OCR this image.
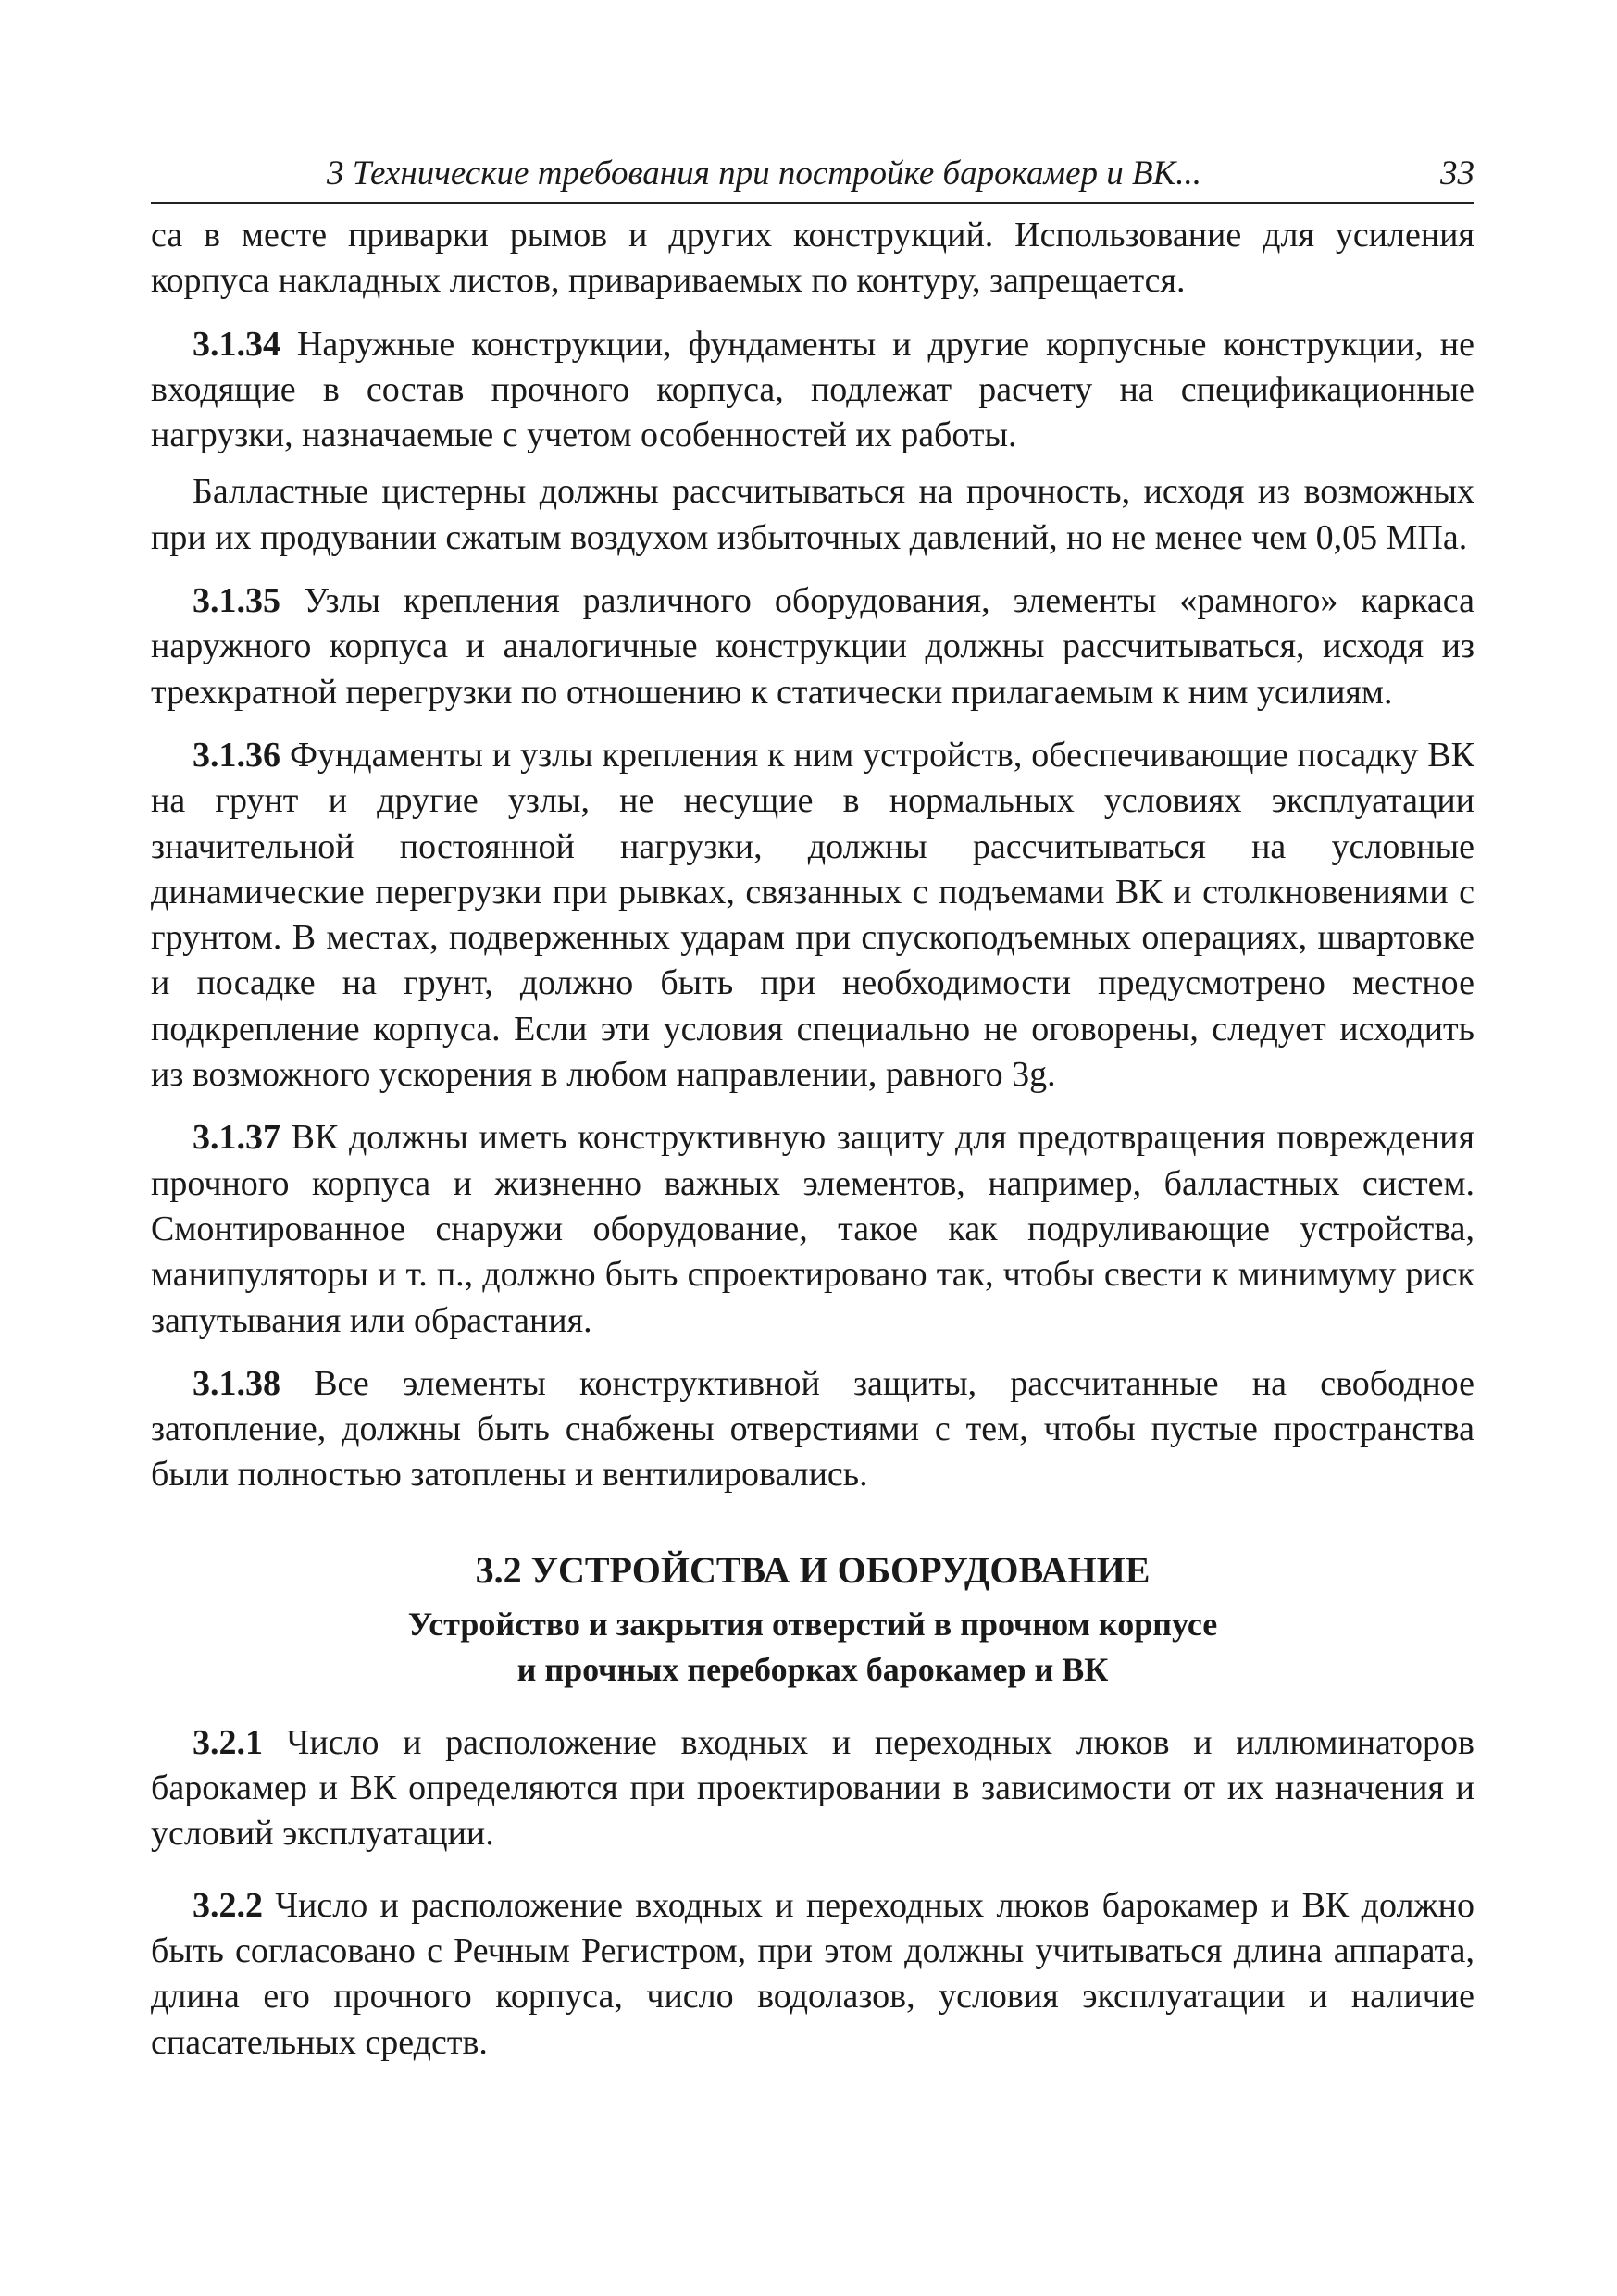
3 Технические требования при постройке барокамер и ВК...	33

са в месте приварки рымов и других конструкций. Использование для усиления корпуса накладных листов, привариваемых по контуру, запрещается.

3.1.34 Наружные конструкции, фундаменты и другие корпусные конструкции, не входящие в состав прочного корпуса, подлежат расчету на спецификационные нагрузки, назначаемые с учетом особенностей их работы.

Балластные цистерны должны рассчитываться на прочность, исходя из возможных при их продувании сжатым воздухом избыточных давлений, но не менее чем 0,05 МПа.

3.1.35 Узлы крепления различного оборудования, элементы «рамного» каркаса наружного корпуса и аналогичные конструкции должны рассчитываться, исходя из трехкратной перегрузки по отношению к статически прилагаемым к ним усилиям.

3.1.36 Фундаменты и узлы крепления к ним устройств, обеспечивающие посадку ВК на грунт и другие узлы, не несущие в нормальных условиях эксплуатации значительной постоянной нагрузки, должны рассчитываться на условные динамические перегрузки при рывках, связанных с подъемами ВК и столкновениями с грунтом. В местах, подверженных ударам при спускоподъемных операциях, швартовке и посадке на грунт, должно быть при необходимости предусмотрено местное подкрепление корпуса. Если эти условия специально не оговорены, следует исходить из возможного ускорения в любом направлении, равного 3g.

3.1.37 ВК должны иметь конструктивную защиту для предотвращения повреждения прочного корпуса и жизненно важных элементов, например, балластных систем. Смонтированное снаружи оборудование, такое как подруливающие устройства, манипуляторы и т. п., должно быть спроектировано так, чтобы свести к минимуму риск запутывания или обрастания.

3.1.38 Все элементы конструктивной защиты, рассчитанные на свободное затопление, должны быть снабжены отверстиями с тем, чтобы пустые пространства были полностью затоплены и вентилировались.

3.2 УСТРОЙСТВА И ОБОРУДОВАНИЕ
Устройство и закрытия отверстий в прочном корпусе
и прочных переборках барокамер и ВК

3.2.1 Число и расположение входных и переходных люков и иллюминаторов барокамер и ВК определяются при проектировании в зависимости от их назначения и условий эксплуатации.

3.2.2 Число и расположение входных и переходных люков барокамер и ВК должно быть согласовано с Речным Регистром, при этом должны учитываться длина аппарата, длина его прочного корпуса, число водолазов, условия эксплуатации и наличие спасательных средств.
